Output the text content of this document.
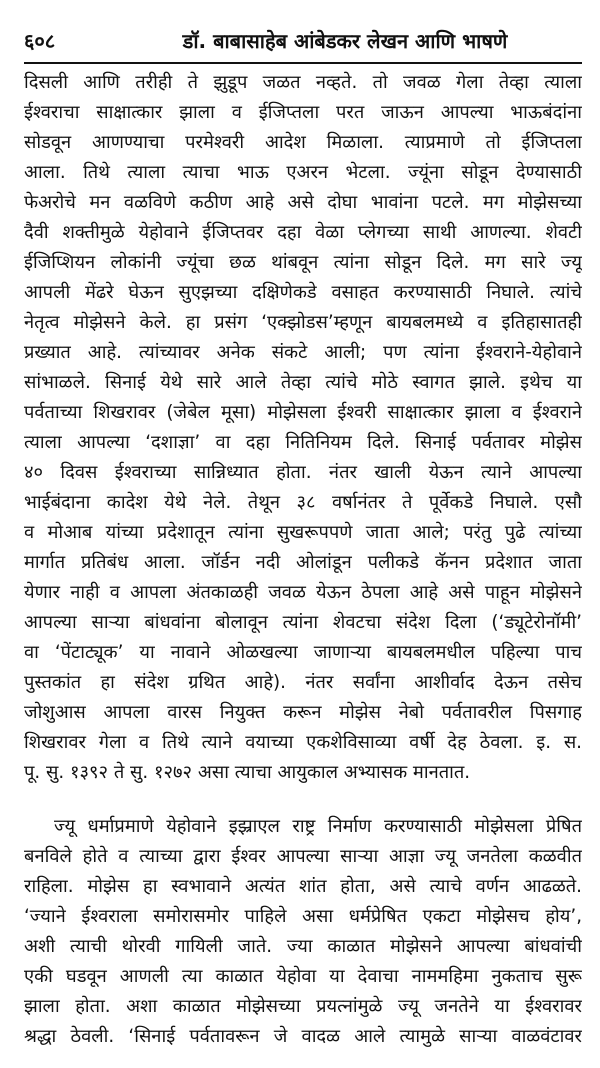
६०८	डॉ. बाबासाहेब आंबेडकर लेखन आणि भाषणे
दिसली आणि तरीही ते झुडूप जळत नव्हते. तो जवळ गेला तेव्हा त्याला
ईश्वराचा साक्षात्कार झाला व ईजिप्तला परत जाऊन आपल्या भाऊबंदांना
सोडवून आणण्याचा परमेश्वरी आदेश मिळाला. त्याप्रमाणे तो ईजिप्तला
आला. तिथे त्याला त्याचा भाऊ एअरन भेटला. ज्यूंना सोडून देण्यासाठी
फेअरोचे मन वळविणे कठीण आहे असे दोघा भावांना पटले. मग मोझेसच्या
दैवी शक्तीमुळे येहोवाने ईजिप्तवर दहा वेळा प्लेगच्या साथी आणल्या. शेवटी
ईजिप्शियन लोकांनी ज्यूंचा छळ थांबवून त्यांना सोडून दिले. मग सारे ज्यू
आपली मेंढरे घेऊन सुएझच्या दक्षिणेकडे वसाहत करण्यासाठी निघाले. त्यांचे
नेतृत्व मोझेसने केले. हा प्रसंग ‘एक्झोडस’म्हणून बायबलमध्ये व इतिहासातही
प्रख्यात आहे. त्यांच्यावर अनेक संकटे आली; पण त्यांना ईश्वराने-येहोवाने
सांभाळले. सिनाई येथे सारे आले तेव्हा त्यांचे मोठे स्वागत झाले. इथेच या
पर्वताच्या शिखरावर (जेबेल मूसा) मोझेसला ईश्वरी साक्षात्कार झाला व ईश्वराने
त्याला आपल्या ‘दशाज्ञा’ वा दहा नितिनियम दिले. सिनाई पर्वतावर मोझेस
४० दिवस ईश्वराच्या सान्निध्यात होता. नंतर खाली येऊन त्याने आपल्या
भाईबंदाना कादेश येथे नेले. तेथून ३८ वर्षानंतर ते पूर्वेकडे निघाले. एसौ
व मोआब यांच्या प्रदेशातून त्यांना सुखरूपपणे जाता आले; परंतु पुढे त्यांच्या
मार्गात प्रतिबंध आला. जॉर्डन नदी ओलांडून पलीकडे कॅनन प्रदेशात जाता
येणार नाही व आपला अंतकाळही जवळ येऊन ठेपला आहे असे पाहून मोझेसने
आपल्या साऱ्या बांधवांना बोलावून त्यांना शेवटचा संदेश दिला (‘ड्यूटेरोनॉमी’
वा ‘पेंटाट्यूक’ या नावाने ओळखल्या जाणाऱ्या बायबलमधील पहिल्या पाच
पुस्तकांत हा संदेश ग्रथित आहे). नंतर सर्वांना आशीर्वाद देऊन तसेच
जोशुआस आपला वारस नियुक्त करून मोझेस नेबो पर्वतावरील पिसगाह
शिखरावर गेला व तिथे त्याने वयाच्या एकशेविसाव्या वर्षी देह ठेवला. इ. स.
पू. सु. १३९२ ते सु. १२७२ असा त्याचा आयुकाल अभ्यासक मानतात.
ज्यू धर्माप्रमाणे येहोवाने इझ्राएल राष्ट्र निर्माण करण्यासाठी मोझेसला प्रेषित
बनविले होते व त्याच्या द्वारा ईश्वर आपल्या साऱ्या आज्ञा ज्यू जनतेला कळवीत
राहिला. मोझेस हा स्वभावाने अत्यंत शांत होता, असे त्याचे वर्णन आढळते.
‘ज्याने ईश्वराला समोरासमोर पाहिले असा धर्मप्रेषित एकटा मोझेसच होय’,
अशी त्याची थोरवी गायिली जाते. ज्या काळात मोझेसने आपल्या बांधवांची
एकी घडवून आणली त्या काळात येहोवा या देवाचा नाममहिमा नुकताच सुरू
झाला होता. अशा काळात मोझेसच्या प्रयत्नांमुळे ज्यू जनतेने या ईश्वरावर
श्रद्धा ठेवली. ‘सिनाई पर्वतावरून जे वादळ आले त्यामुळे साऱ्या वाळवंटावर
